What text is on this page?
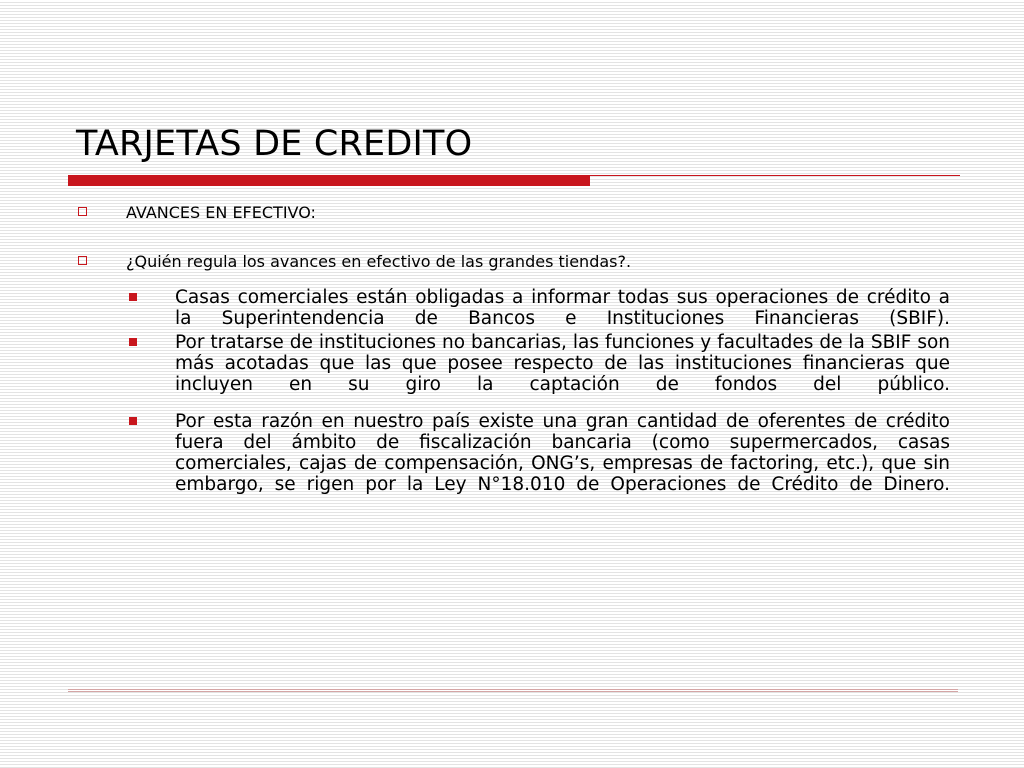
TARJETAS DE CREDITO
AVANCES EN EFECTIVO:
¿Quién regula los avances en efectivo de las grandes tiendas?.
Casas comerciales están obligadas a informar todas sus operaciones de crédito a la Superintendencia de Bancos e Instituciones Financieras (SBIF).
Por tratarse de instituciones no bancarias, las funciones y facultades de la SBIF son más acotadas que las que posee respecto de las instituciones financieras que incluyen en su giro la captación de fondos del público.
Por esta razón en nuestro país existe una gran cantidad de oferentes de crédito fuera del ámbito de fiscalización bancaria (como supermercados, casas comerciales, cajas de compensación, ONG’s, empresas de factoring, etc.), que sin embargo, se rigen por la Ley N°18.010 de Operaciones de Crédito de Dinero.
